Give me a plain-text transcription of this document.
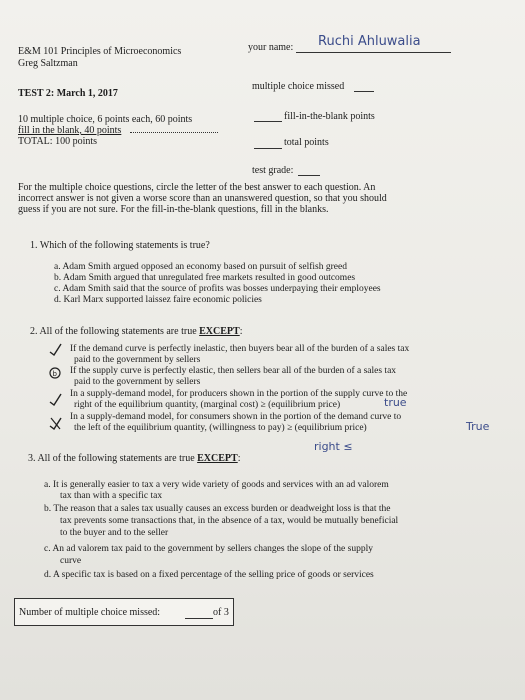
E&M 101 Principles of Microeconomics
Greg Saltzman
your name: Ruchi Ahluwalia
TEST 2: March 1, 2017
multiple choice missed
10 multiple choice, 6 points each, 60 points
fill in the blank, 40 points
TOTAL: 100 points
fill-in-the-blank points
total points
test grade:
For the multiple choice questions, circle the letter of the best answer to each question. An
incorrect answer is not given a worse score than an unanswered question, so that you should
guess if you are not sure. For the fill-in-the-blank questions, fill in the blanks.
1. Which of the following statements is true?
a. Adam Smith argued opposed an economy based on pursuit of selfish greed
b. Adam Smith argued that unregulated free markets resulted in good outcomes
c. Adam Smith said that the source of profits was bosses underpaying their employees
d. Karl Marx supported laissez faire economic policies
2. All of the following statements are true EXCEPT:
b
If the demand curve is perfectly inelastic, then buyers bear all of the burden of a sales tax
paid to the government by sellers
If the supply curve is perfectly elastic, then sellers bear all of the burden of a sales tax
paid to the government by sellers
In a supply-demand model, for producers shown in the portion of the supply curve to the
right of the equilibrium quantity, (marginal cost) ≥ (equilibrium price)
In a supply-demand model, for consumers shown in the portion of the demand curve to
the left of the equilibrium quantity, (willingness to pay) ≥ (equilibrium price)
true
True
right ≤
3. All of the following statements are true EXCEPT:
a. It is generally easier to tax a very wide variety of goods and services with an ad valorem
tax than with a specific tax
b. The reason that a sales tax usually causes an excess burden or deadweight loss is that the
tax prevents some transactions that, in the absence of a tax, would be mutually beneficial
to the buyer and to the seller
c. An ad valorem tax paid to the government by sellers changes the slope of the supply
curve
d. A specific tax is based on a fixed percentage of the selling price of goods or services
Number of multiple choice missed:	of 3
